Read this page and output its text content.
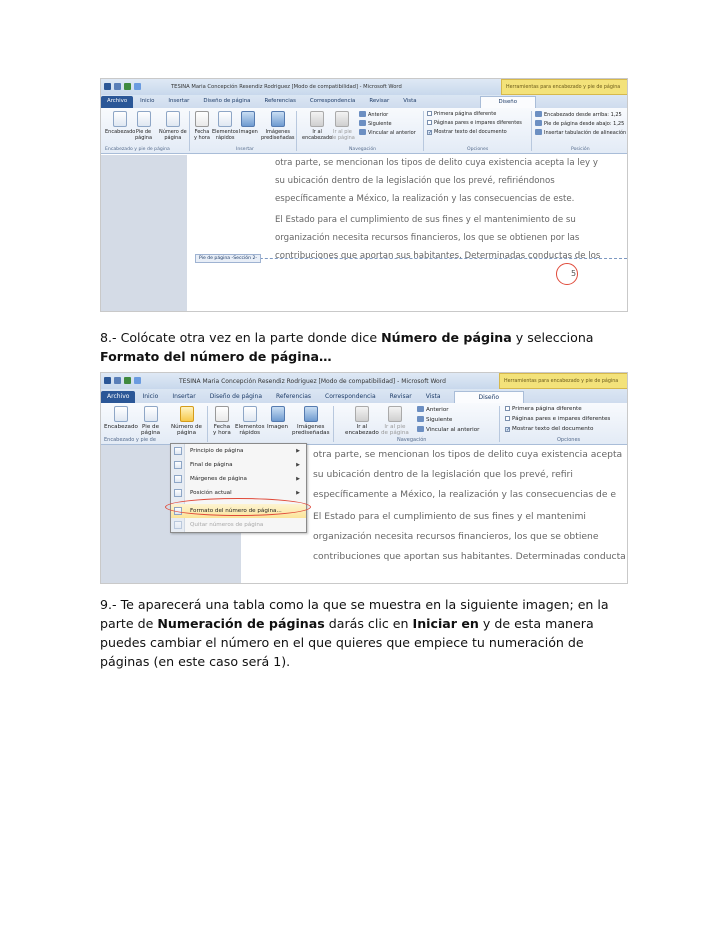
TESINA Maria Concepción Resendiz Rodriguez [Modo de compatibilidad] - Microsoft Word	Herramientas para encabezado y pie de página
Archivo	Inicio	Insertar	Diseño de página	Referencias	Correspondencia	Revisar	Vista	Diseño
Encabezado Pie de
página
Número de
página
Fecha
y hora
Elementos
rápidos
Imagen	Imágenes
prediseñadas
Ir al
encabezado
Ir al pie
de página
Anterior
Siguiente
Vincular al anterior
Primera página diferente
Páginas pares e impares diferentes
✓Mostrar texto del documento
Encabezado desde arriba: 1,25
Pie de página desde abajo: 1,25
Insertar tabulación de alineación
Encabezado y pie de página	Insertar	Navegación	Opciones	Posición
otra parte, se mencionan los tipos de delito cuya existencia acepta la ley y
su ubicación dentro de la legislación que los prevé, refiriéndonos
específicamente a México, la realización y las consecuencias de este.
El Estado para el cumplimiento de sus fines y el mantenimiento de su
organización necesita recursos financieros, los que se obtienen por las
contribuciones que aportan sus habitantes. Determinadas conductas de los
Pie de página -Sección 2-
5
8.- Colócate otra vez en la parte donde dice Número de página y selecciona
Formato del número de página…
TESINA Maria Concepción Resendiz Rodriguez [Modo de compatibilidad] - Microsoft Word	Herramientas para encabezado y pie de página
Archivo	Inicio	Insertar	Diseño de página	Referencias	Correspondencia	Revisar	Vista	Diseño
Encabezado Pie de
página
Número de
página
Fecha
y hora
Elementos
rápidos
Imagen	Imágenes
prediseñadas
Ir al
encabezado
Ir al pie
de página
Anterior
Siguiente
Vincular al anterior
Primera página diferente
Páginas pares e impares diferentes
✓Mostrar texto del documento
Encabezado y pie de	Navegación	Opciones
otra parte, se mencionan los tipos de delito cuya existencia acepta
su ubicación dentro de la legislación que los prevé, refiri
específicamente a México, la realización y las consecuencias de e
El Estado para el cumplimiento de sus fines y el mantenimi
organización necesita recursos financieros, los que se obtiene
contribuciones que aportan sus habitantes. Determinadas conducta
Principio de página	▶
Final de página	▶
Márgenes de página	▶
Posición actual	▶
Formato del número de página...
Quitar números de página
9.- Te aparecerá una tabla como la que se muestra en la siguiente imagen; en la parte de Numeración de páginas darás clic en Iniciar en y de esta manera puedes cambiar el número en el que quieres que empiece tu numeración de páginas (en este caso será 1).
